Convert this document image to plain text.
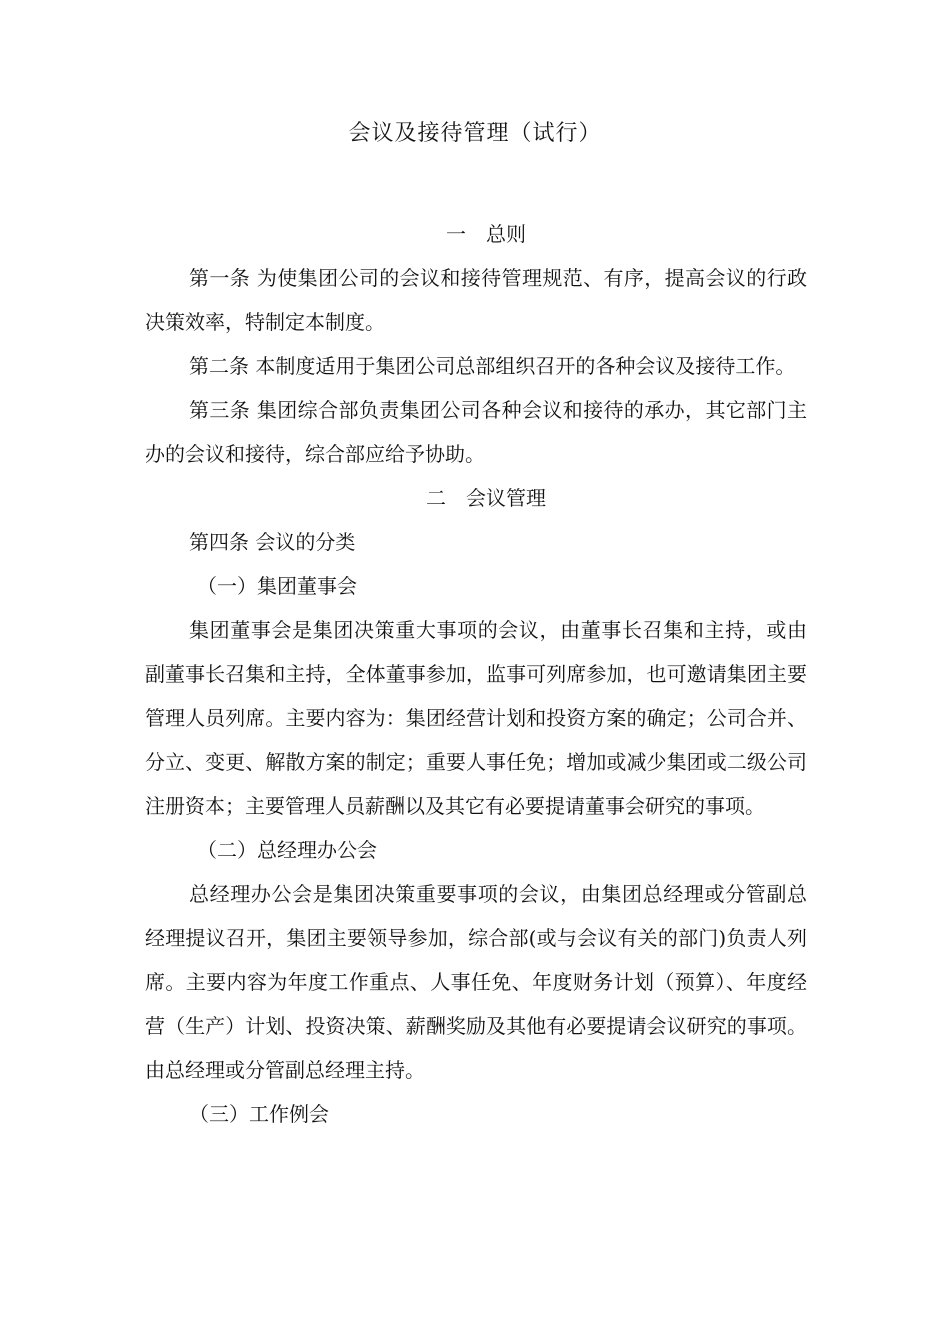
会议及接待管理（试行）

一　总则

第一条 为使集团公司的会议和接待管理规范、有序，提高会议的行政决策效率，特制定本制度。

第二条 本制度适用于集团公司总部组织召开的各种会议及接待工作。

第三条 集团综合部负责集团公司各种会议和接待的承办，其它部门主办的会议和接待，综合部应给予协助。

二　会议管理

第四条 会议的分类

（一）集团董事会

集团董事会是集团决策重大事项的会议，由董事长召集和主持，或由副董事长召集和主持，全体董事参加，监事可列席参加，也可邀请集团主要管理人员列席。主要内容为：集团经营计划和投资方案的确定；公司合并、分立、变更、解散方案的制定；重要人事任免；增加或减少集团或二级公司注册资本；主要管理人员薪酬以及其它有必要提请董事会研究的事项。

（二）总经理办公会

总经理办公会是集团决策重要事项的会议，由集团总经理或分管副总经理提议召开，集团主要领导参加，综合部(或与会议有关的部门)负责人列席。主要内容为年度工作重点、人事任免、年度财务计划（预算）、年度经营（生产）计划、投资决策、薪酬奖励及其他有必要提请会议研究的事项。由总经理或分管副总经理主持。

（三）工作例会
